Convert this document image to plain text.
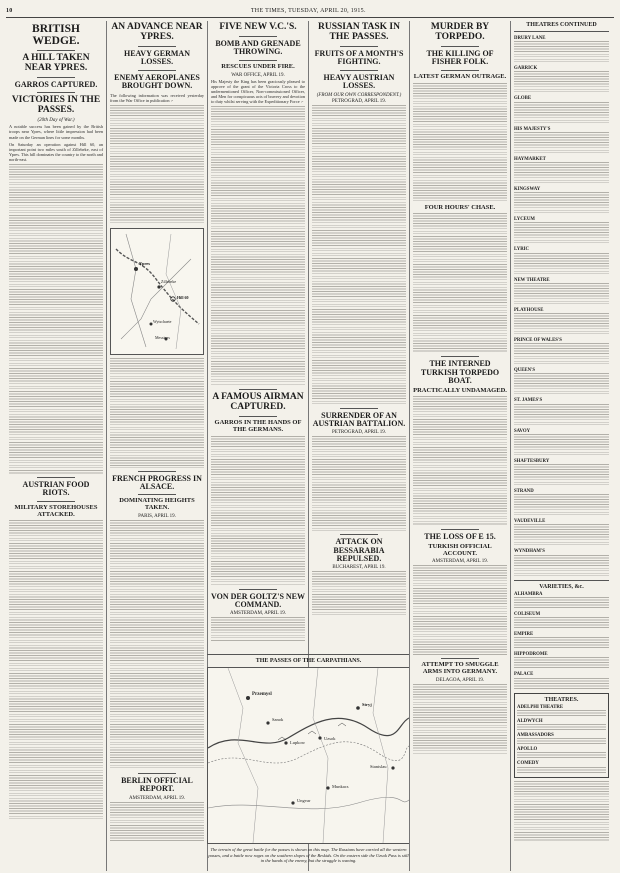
10	THE TIMES, TUESDAY, APRIL 20, 1915.
BRITISH WEDGE.
A HILL TAKEN NEAR YPRES.
GARROS CAPTURED.
VICTORIES IN THE PASSES.
(20th Day of War.)

A notable success has been gained by the British troops near Ypres, where little impression had been made on the German lines for some months.

On Saturday an operation against Hill 60, an important point two miles south of Zillebeke, east of Ypres. This hill dominates the country to the north and north-east.

AUSTRIAN FOOD RIOTS.
MILITARY STOREHOUSES ATTACKED.
AN ADVANCE NEAR YPRES.
HEAVY GERMAN LOSSES.
ENEMY AEROPLANES BROUGHT DOWN.

The following information was received yesterday from the War Office in publication :-

Ypres
Zillebeke
Hill 60
Messines
Wytschaete
FRENCH PROGRESS IN ALSACE.
DOMINATING HEIGHTS TAKEN.
PARIS, APRIL 19.
BERLIN OFFICIAL REPORT.
AMSTERDAM, APRIL 19.
FIVE NEW V.C.'S.
BOMB AND GRENADE THROWING.
RESCUES UNDER FIRE.
WAR OFFICE, APRIL 19.

His Majesty the King has been graciously pleased to approve of the grant of the Victoria Cross to the undermentioned Officer, Non-commissioned Officer, and Men for conspicuous acts of bravery and devotion to duty whilst serving with the Expeditionary Force :-

A FAMOUS AIRMAN CAPTURED.
GARROS IN THE HANDS OF THE GERMANS.
VON DER GOLTZ'S NEW COMMAND.
AMSTERDAM, APRIL 19.
THE PASSES OF THE CARPATHIANS.
Przemysl
Sanok
Lupkow
Uzsok
Stryj
Munkacs
Ungvar
Stanislau
The terrain of the great battle for the passes is shown on this map. The Russians have carried all the western passes, and a battle now rages on the southern slopes of the Beskids. On the eastern side the Uzsok Pass is still in the hands of the enemy, but the struggle is waning.
RUSSIAN TASK IN THE PASSES.
FRUITS OF A MONTH'S FIGHTING.
HEAVY AUSTRIAN LOSSES.
(FROM OUR OWN CORRESPONDENT.)
PETROGRAD, APRIL 19.
SURRENDER OF AN AUSTRIAN BATTALION.
PETROGRAD, APRIL 19.
ATTACK ON BESSARABIA REPULSED.
BUCHAREST, APRIL 19.
MURDER BY TORPEDO.
THE KILLING OF FISHER FOLK.
LATEST GERMAN OUTRAGE.
FOUR HOURS' CHASE.
THE INTERNED TURKISH TORPEDO BOAT.
PRACTICALLY UNDAMAGED.
THE LOSS OF E 15.
TURKISH OFFICIAL ACCOUNT.
AMSTERDAM, APRIL 19.
ATTEMPT TO SMUGGLE ARMS INTO GERMANY.
DELAGOA, APRIL 19.
THEATRES CONTINUED
DRURY LANE
GARRICK
GLOBE
HIS MAJESTY'S
HAYMARKET
KINGSWAY
LYCEUM
LYRIC
NEW THEATRE
PLAYHOUSE
PRINCE OF WALES'S
QUEEN'S
ST. JAMES'S
SAVOY
SHAFTESBURY
STRAND
VAUDEVILLE
WYNDHAM'S
VARIETIES, &c.
ALHAMBRA
COLISEUM
EMPIRE
HIPPODROME
PALACE
THEATRES.
ADELPHI THEATRE
ALDWYCH
AMBASSADORS
APOLLO
COMEDY
